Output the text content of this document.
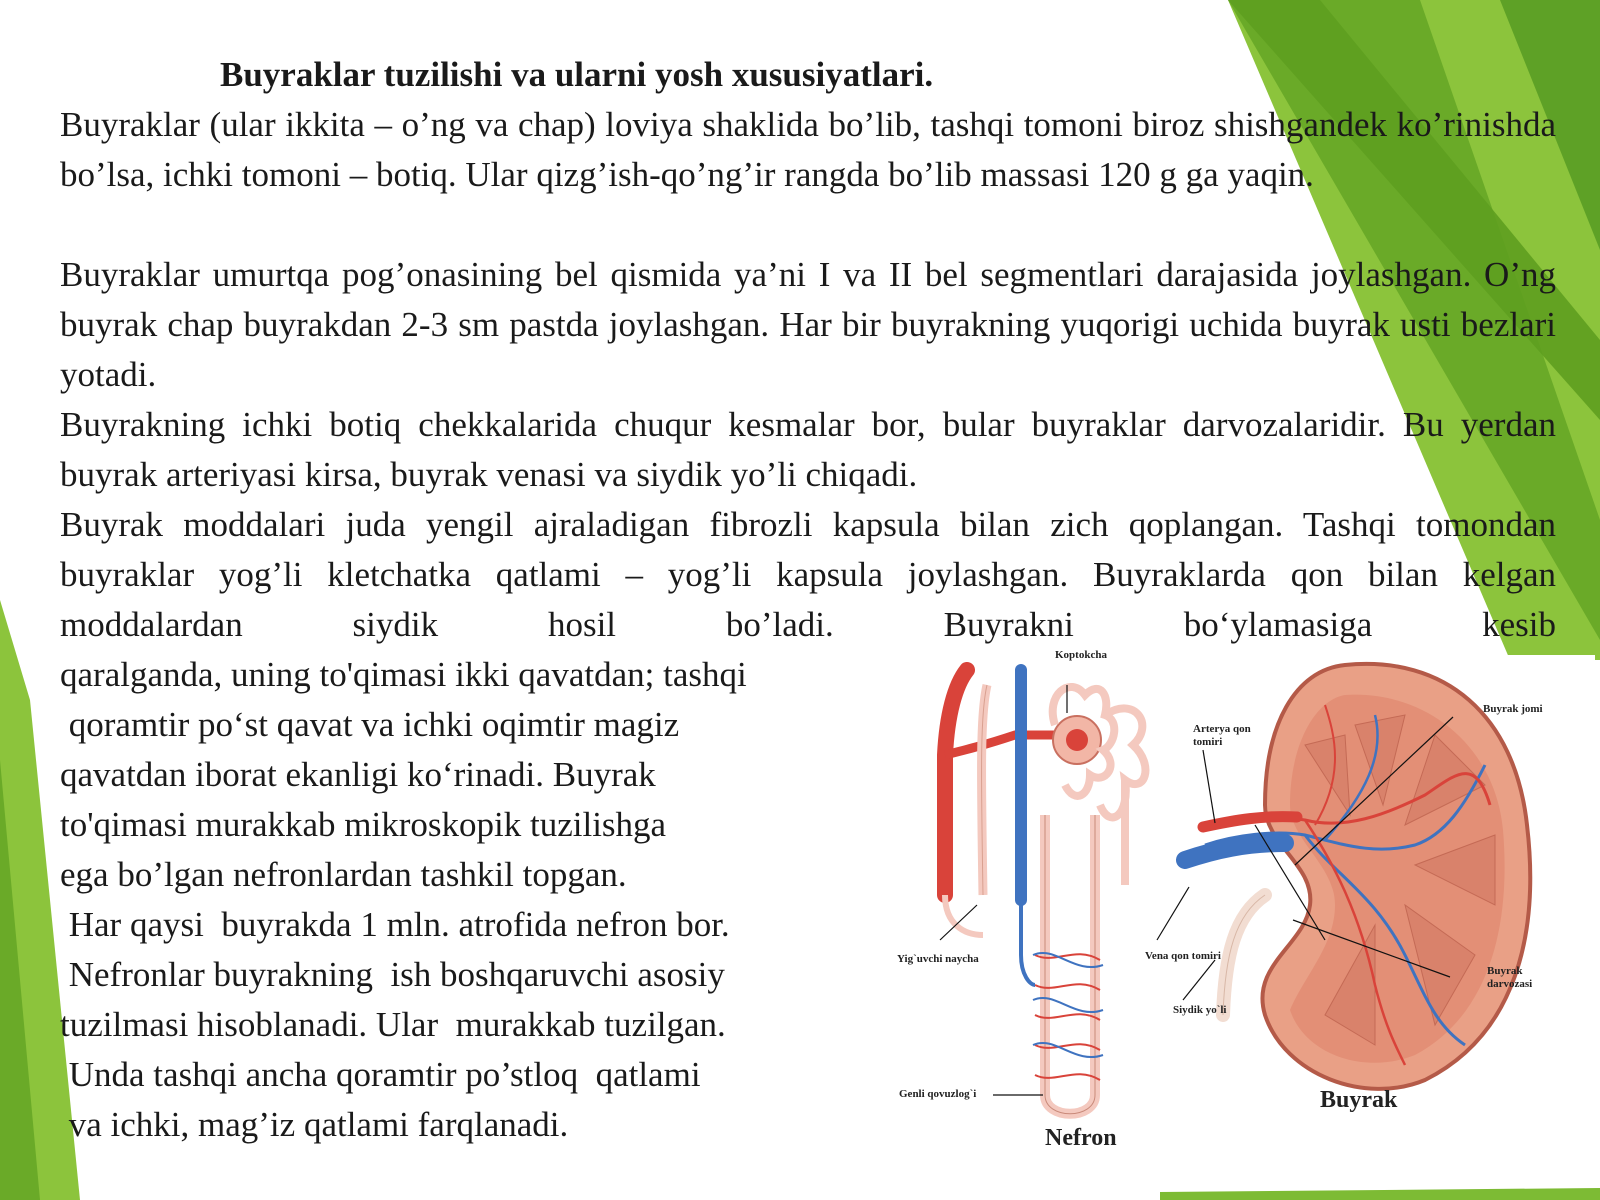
Buyraklar tuzilishi va ularni yosh xususiyatlari.
Buyraklar (ular ikkita – o’ng va chap) loviya shaklida bo’lib, tashqi tomoni biroz shishgandek ko’rinishda bo’lsa, ichki tomoni – botiq. Ular qizg’ish-qo’ng’ir rangda bo’lib massasi 120 g ga yaqin.
Buyraklar umurtqa pog’onasining bel qismida ya’ni I va II bel segmentlari darajasida joylashgan. O’ng buyrak chap buyrakdan 2-3 sm pastda joylashgan. Har bir buyrakning yuqorigi uchida buyrak usti bezlari yotadi.
Buyrakning ichki botiq chekkalarida chuqur kesmalar bor, bular buyraklar darvozalaridir. Bu yerdan buyrak arteriyasi kirsa, buyrak venasi va siydik yo’li chiqadi.
Buyrak moddalari juda yengil ajraladigan fibrozli kapsula bilan zich qoplangan. Tashqi tomondan buyraklar yog’li kletchatka qatlami – yog’li kapsula joylashgan. Buyraklarda qon bilan kelgan moddalardan siydik hosil bo’ladi. Buyrakni bo‘ylamasiga kesib
qaralganda, uning to'qimasi ikki qavatdan; tashqi
qoramtir po‘st qavat va ichki oqimtir magiz
qavatdan iborat ekanligi ko‘rinadi. Buyrak
to'qimasi murakkab mikroskopik tuzilishga
ega bo’lgan nefronlardan tashkil topgan.
Har qaysi  buyrakda 1 mln. atrofida nefron bor.
Nefronlar buyrakning  ish boshqaruvchi asosiy
tuzilmasi hisoblanadi. Ular  murakkab tuzilgan.
Unda tashqi ancha qoramtir po’stloq  qatlami
va ichki, mag’iz qatlami farqlanadi.
Koptokcha
Arterya qon tomiri
Buyrak jomi
Yig`uvchi naycha	Vena qon tomiri
Buyrak darvozasi
Siydik yo`li
Genli qovuzlog`i
Nefron
Buyrak
